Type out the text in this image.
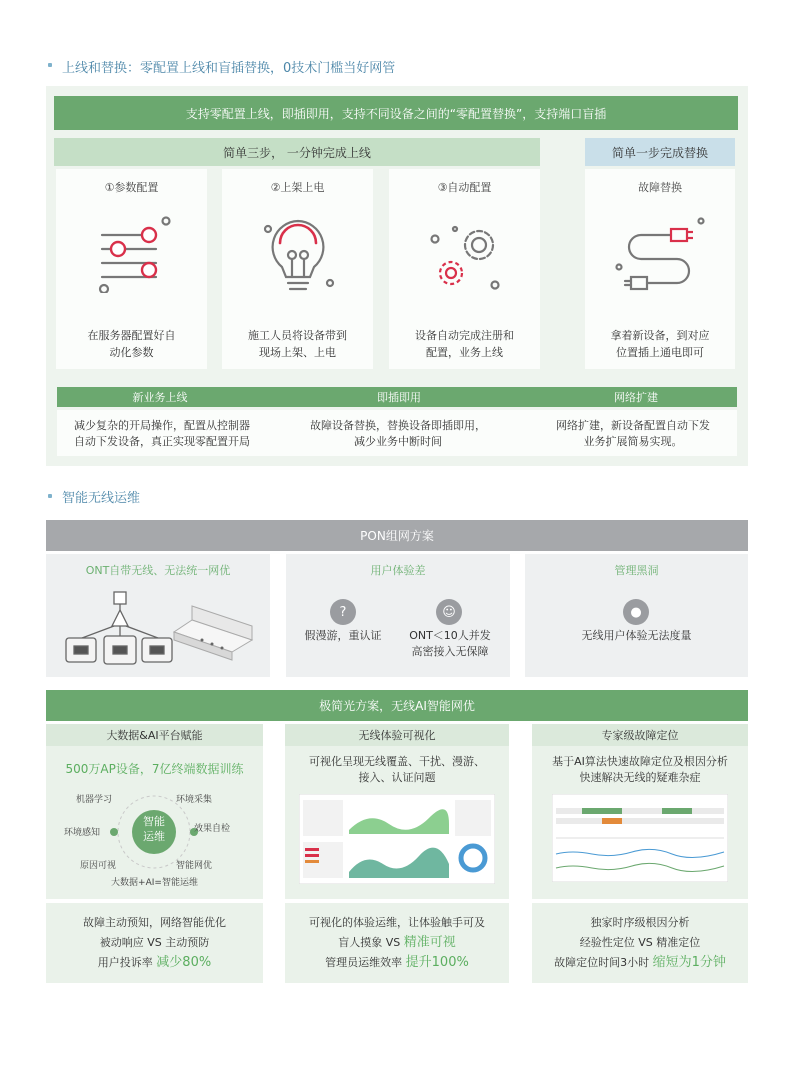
上线和替换：零配置上线和盲插替换，0技术门槛当好网管
支持零配置上线，即插即用，支持不同设备之间的“零配置替换”，支持端口盲插
简单三步， 一分钟完成上线	简单一步完成替换
①参数配置
在服务器配置好自
动化参数
②上架上电
施工人员将设备带到
现场上架、上电
③自动配置
设备自动完成注册和
配置，业务上线
故障替换
拿着新设备，到对应
位置插上通电即可
新业务上线	即插即用	网络扩建
减少复杂的开局操作，配置从控制器
自动下发设备，真正实现零配置开局
故障设备替换，替换设备即插即用，
减少业务中断时间
网络扩建，新设备配置自动下发
业务扩展简易实现。
智能无线运维
PON组网方案
ONT自带无线、无法统一网优	用户体验差
?	☺
假漫游，重认证	ONT＜10人并发
高密接入无保障
管理黑洞
●
无线用户体验无法度量
极简光方案，无线AI智能网优
大数据&AI平台赋能
500万AP设备，7亿终端数据训练
智能
运维
机器学习	环境采集
环境感知	效果自检
原因可视	智能网优
大数据+AI=智能运维
无线体验可视化
可视化呈现无线覆盖、干扰、漫游、
接入、认证问题
专家级故障定位
基于AI算法快速故障定位及根因分析
快速解决无线的疑难杂症
故障主动预知，网络智能优化
被动响应 VS 主动预防
用户投诉率 减少80%
可视化的体验运维，让体验触手可及
盲人摸象 VS 精准可视
管理员运维效率 提升100%
独家时序级根因分析
经验性定位 VS 精准定位
故障定位时间3小时 缩短为1分钟
